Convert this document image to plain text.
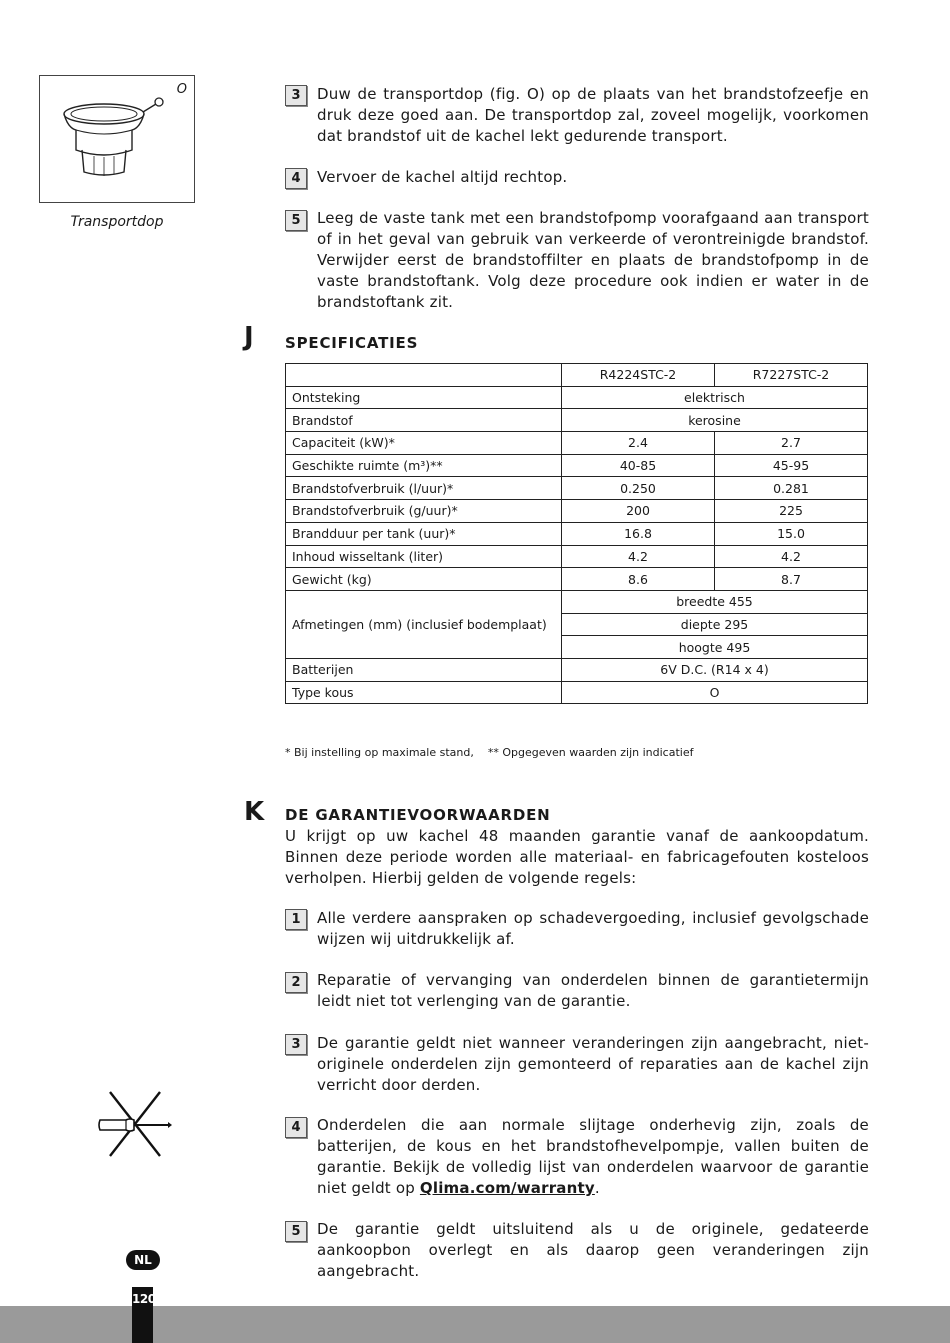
O
Transportdop
3	Duw de transportdop (fig. O) op de plaats van het brandstofzeefje en druk deze goed aan. De transportdop zal, zoveel mogelijk, voorkomen dat brandstof uit de kachel lekt gedurende transport.
4	Vervoer de kachel altijd rechtop.
5	Leeg de vaste tank met een brandstofpomp voorafgaand aan transport of in het geval van gebruik van verkeerde of verontreinigde brandstof. Verwijder eerst de brandstoffilter en plaats de brandstofpomp in de vaste brandstoftank. Volg deze procedure ook indien er water in de brandstoftank zit.
J SPECIFICATIES
	R4224STC-2	R7227STC-2
Ontsteking	elektrisch	
Brandstof	kerosine	
Capaciteit (kW)*	2.4	2.7
Geschikte ruimte (m³)**	40-85	45-95
Brandstofverbruik (l/uur)*	0.250	0.281
Brandstofverbruik (g/uur)*	200	225
Brandduur per tank (uur)*	16.8	15.0
Inhoud wisseltank (liter)	4.2	4.2
Gewicht (kg)	8.6	8.7
Afmetingen (mm) (inclusief bodemplaat)	breedte 455	
	diepte 295	
	hoogte 495	
Batterijen	6V D.C. (R14 x 4)	
Type kous	O	
* Bij instelling op maximale stand,    ** Opgegeven waarden zijn indicatief
K DE GARANTIEVOORWAARDEN
U krijgt op uw kachel 48 maanden garantie vanaf de aankoopdatum. Binnen deze periode worden alle materiaal- en fabricagefouten kosteloos verholpen. Hierbij gelden de volgende regels:
1	Alle verdere aanspraken op schadevergoeding, inclusief gevolgschade wijzen wij uitdrukkelijk af.
2	Reparatie of vervanging van onderdelen binnen de garantietermijn leidt niet tot verlenging van de garantie.
3	De garantie geldt niet wanneer veranderingen zijn aangebracht, niet-originele onderdelen zijn gemonteerd of reparaties aan de kachel zijn verricht door derden.
4	Onderdelen die aan normale slijtage onderhevig zijn, zoals de batterijen, de kous en het brandstofhevelpompje, vallen buiten de garantie. Bekijk de volledig lijst van onderdelen waarvoor de garantie niet geldt op Qlima.com/warranty.
5	De garantie geldt uitsluitend als u de originele, gedateerde aankoopbon overlegt en als daarop geen veranderingen zijn aangebracht.
NL
120
